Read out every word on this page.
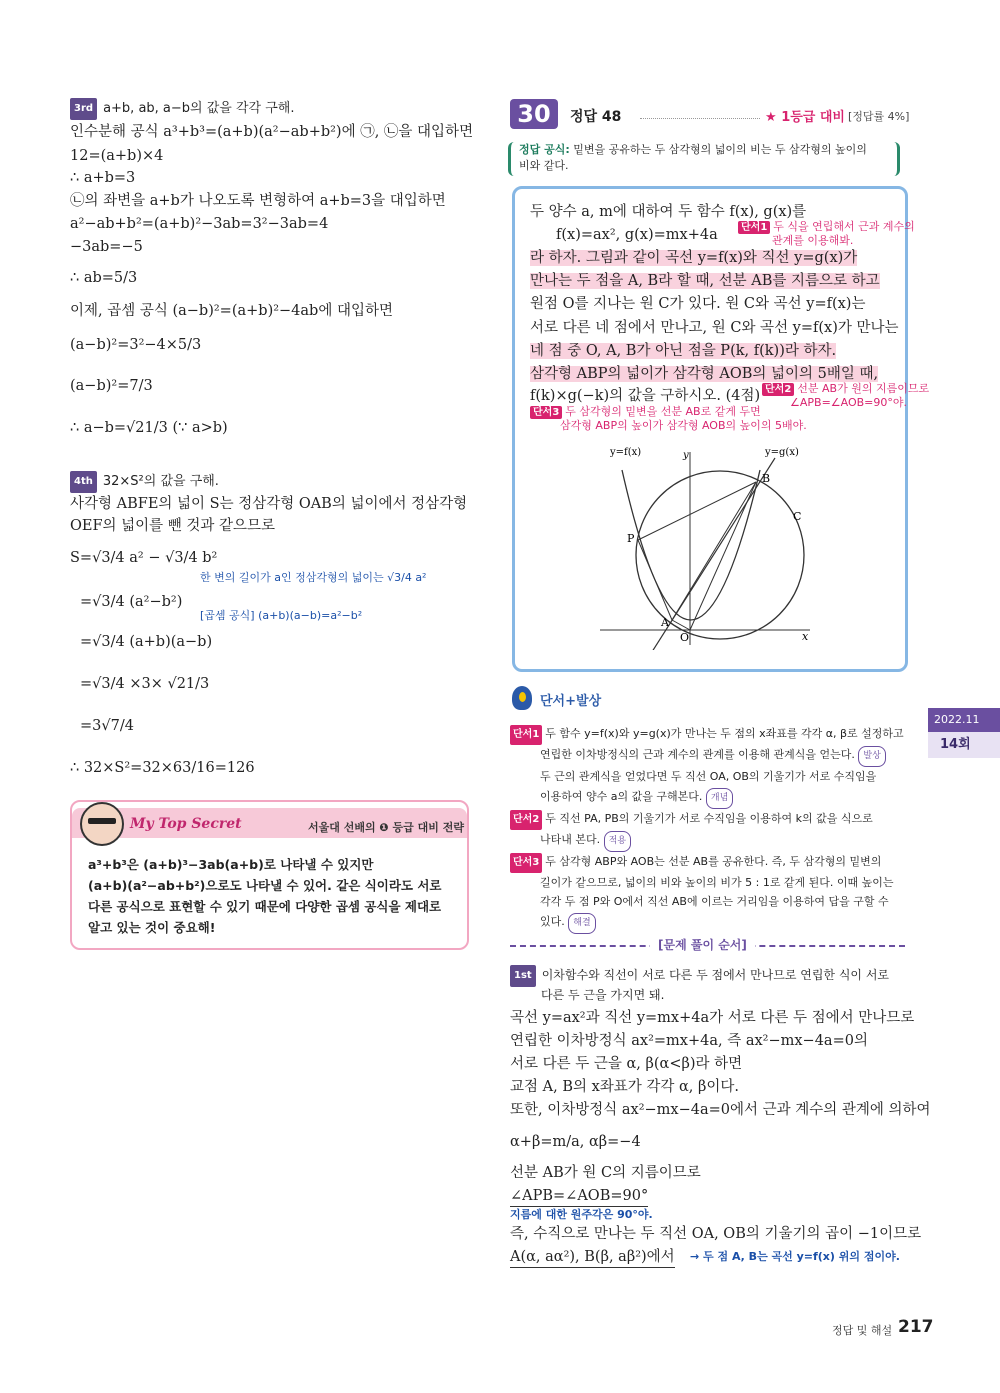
3rd a+b, ab, a−b의 값을 각각 구해.
인수분해 공식 a³+b³=(a+b)(a²−ab+b²)에 ㉠, ㉡을 대입하면
12=(a+b)×4
∴ a+b=3
㉡의 좌변을 a+b가 나오도록 변형하여 a+b=3을 대입하면
a²−ab+b²=(a+b)²−3ab=3²−3ab=4
−3ab=−5
∴ ab=5/3
이제, 곱셈 공식 (a−b)²=(a+b)²−4ab에 대입하면
(a−b)²=3²−4×5/3
(a−b)²=7/3
∴ a−b=√21/3 (∵ a>b)
4th 32×S²의 값을 구해.
사각형 ABFE의 넓이 S는 정삼각형 OAB의 넓이에서 정삼각형
OEF의 넓이를 뺀 것과 같으므로
S=√3/4 a² − √3/4 b²
한 변의 길이가 a인 정삼각형의 넓이는 √3/4 a²
=√3/4 (a²−b²)
[곱셈 공식] (a+b)(a−b)=a²−b²
=√3/4 (a+b)(a−b)
=√3/4 ×3× √21/3
=3√7/4
∴ 32×S²=32×63/16=126
My Top Secret	서울대 선배의 ❶ 등급 대비 전략
a³+b³은 (a+b)³−3ab(a+b)로 나타낼 수 있지만
(a+b)(a²−ab+b²)으로도 나타낼 수 있어. 같은 식이라도 서로
다른 공식으로 표현할 수 있기 때문에 다양한 곱셈 공식을 제대로
알고 있는 것이 중요해!
30	정답 48	★ 1등급 대비 [정답률 4%]
정답 공식: 밑변을 공유하는 두 삼각형의 넓이의 비는 두 삼각형의 높이의
비와 같다.
두 양수 a, m에 대하여 두 함수 f(x), g(x)를
f(x)=ax², g(x)=mx+4a	단서1 두 식을 연립해서 근과 계수의
관계를 이용해봐.
라 하자. 그림과 같이 곡선 y=f(x)와 직선 y=g(x)가
만나는 두 점을 A, B라 할 때, 선분 AB를 지름으로 하고
원점 O를 지나는 원 C가 있다. 원 C와 곡선 y=f(x)는
서로 다른 네 점에서 만나고, 원 C와 곡선 y=f(x)가 만나는
네 점 중 O, A, B가 아닌 점을 P(k, f(k))라 하자.
삼각형 ABP의 넓이가 삼각형 AOB의 넓이의 5배일 때,
f(k)×g(−k)의 값을 구하시오. (4점) 단서2 선분 AB가 원의 지름이므로
∠APB=∠AOB=90°야.
단서3 두 삼각형의 밑변을 선분 AB로 같게 두면
삼각형 ABP의 높이가 삼각형 AOB의 높이의 5배야.
y=f(x)	y	y=g(x)
B
C
P
A
O	x
단서+발상
단서1 두 함수 y=f(x)와 y=g(x)가 만나는 두 점의 x좌표를 각각 α, β로 설정하고
연립한 이차방정식의 근과 계수의 관계를 이용해 관계식을 얻는다. 발상
두 근의 관계식을 얻었다면 두 직선 OA, OB의 기울기가 서로 수직임을
이용하여 양수 a의 값을 구해본다. 개념
단서2 두 직선 PA, PB의 기울기가 서로 수직임을 이용하여 k의 값을 식으로
나타내 본다. 적용
단서3 두 삼각형 ABP와 AOB는 선분 AB를 공유한다. 즉, 두 삼각형의 밑변의
길이가 같으므로, 넓이의 비와 높이의 비가 5 : 1로 같게 된다. 이때 높이는
각각 두 점 P와 O에서 직선 AB에 이르는 거리임을 이용하여 답을 구할 수
있다. 해결
[문제 풀이 순서]
1st 이차함수와 직선이 서로 다른 두 점에서 만나므로 연립한 식이 서로
다른 두 근을 가지면 돼.
곡선 y=ax²과 직선 y=mx+4a가 서로 다른 두 점에서 만나므로
연립한 이차방정식 ax²=mx+4a, 즉 ax²−mx−4a=0의
서로 다른 두 근을 α, β(α<β)라 하면
교점 A, B의 x좌표가 각각 α, β이다.
또한, 이차방정식 ax²−mx−4a=0에서 근과 계수의 관계에 의하여
α+β=m/a, αβ=−4
선분 AB가 원 C의 지름이므로
∠APB=∠AOB=90°
지름에 대한 원주각은 90°야.
즉, 수직으로 만나는 두 직선 OA, OB의 기울기의 곱이 −1이므로
A(α, aα²), B(β, aβ²)에서 → 두 점 A, B는 곡선 y=f(x) 위의 점이야.
2022.11
14회
정답 및 해설 217
